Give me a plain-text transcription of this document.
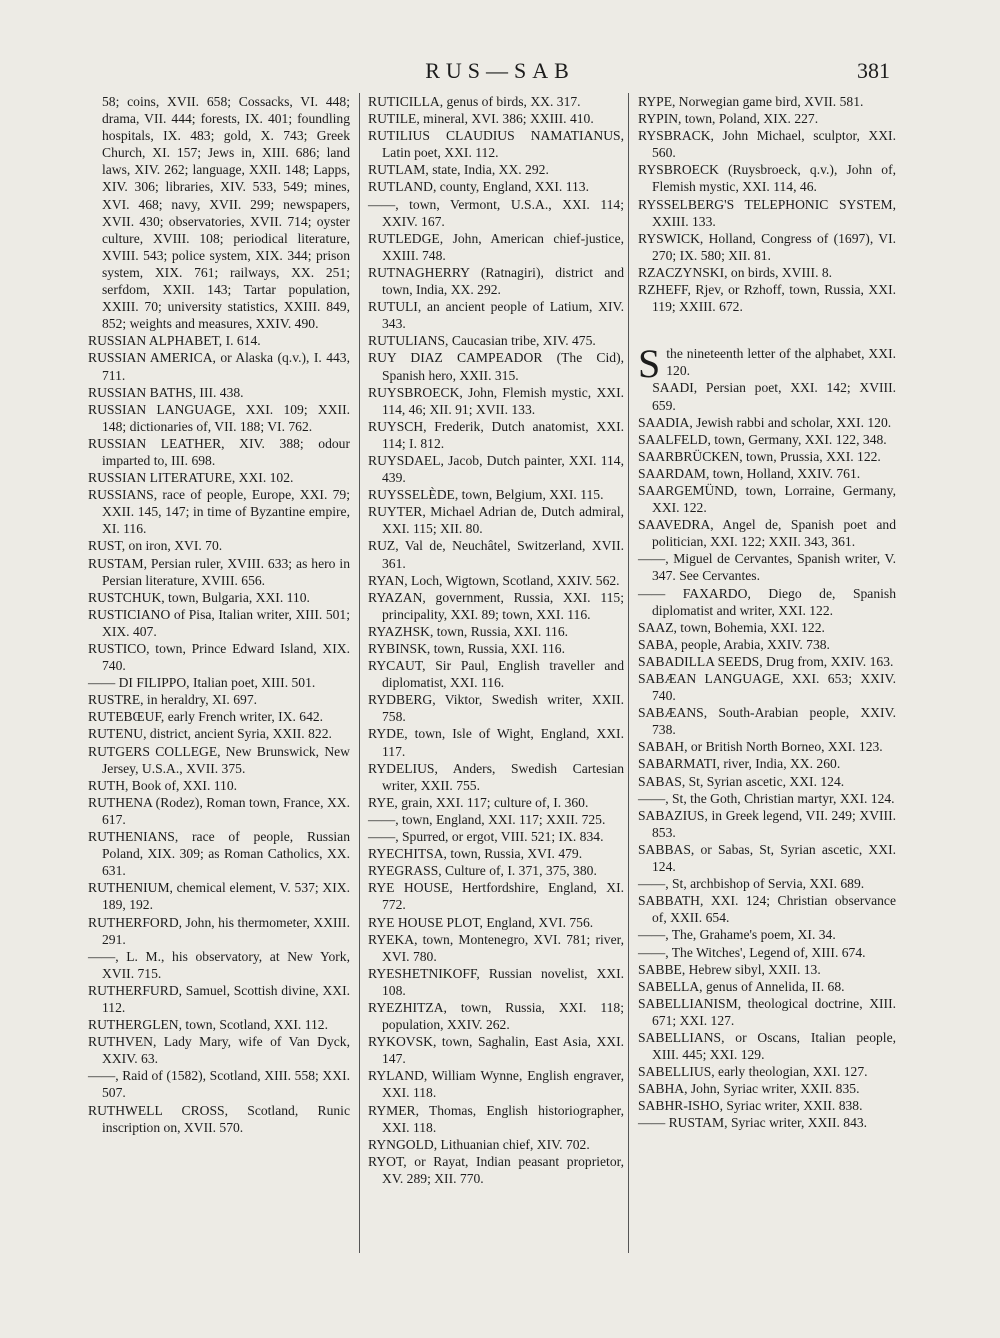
RUS—SAB	381

58; coins, XVII. 658; Cossacks, VI. 448; drama, VII. 444; forests, IX. 401; foundling hospitals, IX. 483; gold, X. 743; Greek Church, XI. 157; Jews in, XIII. 686; land laws, XIV. 262; language, XXII. 148; Lapps, XIV. 306; libraries, XIV. 533, 549; mines, XVI. 468; navy, XVII. 299; newspapers, XVII. 430; observatories, XVII. 714; oyster culture, XVIII. 108; periodical literature, XVIII. 543; police system, XIX. 344; prison system, XIX. 761; railways, XX. 251; serfdom, XXII. 143; Tartar population, XXIII. 70; university statistics, XXIII. 849, 852; weights and measures, XXIV. 490.

RUSSIAN ALPHABET, I. 614.

RUSSIAN AMERICA, or Alaska (q.v.), I. 443, 711.

RUSSIAN BATHS, III. 438.

RUSSIAN LANGUAGE, XXI. 109; XXII. 148; dictionaries of, VII. 188; VI. 762.

RUSSIAN LEATHER, XIV. 388; odour imparted to, III. 698.

RUSSIAN LITERATURE, XXI. 102.

RUSSIANS, race of people, Europe, XXI. 79; XXII. 145, 147; in time of Byzantine empire, XI. 116.

RUST, on iron, XVI. 70.

RUSTAM, Persian ruler, XVIII. 633; as hero in Persian literature, XVIII. 656.

RUSTCHUK, town, Bulgaria, XXI. 110.

RUSTICIANO of Pisa, Italian writer, XIII. 501; XIX. 407.

RUSTICO, town, Prince Edward Island, XIX. 740.

—— DI FILIPPO, Italian poet, XIII. 501.

RUSTRE, in heraldry, XI. 697.

RUTEBŒUF, early French writer, IX. 642.

RUTENU, district, ancient Syria, XXII. 822.

RUTGERS COLLEGE, New Brunswick, New Jersey, U.S.A., XVII. 375.

RUTH, Book of, XXI. 110.

RUTHENA (Rodez), Roman town, France, XX. 617.

RUTHENIANS, race of people, Russian Poland, XIX. 309; as Roman Catholics, XX. 631.

RUTHENIUM, chemical element, V. 537; XIX. 189, 192.

RUTHERFORD, John, his thermometer, XXIII. 291.

——, L. M., his observatory, at New York, XVII. 715.

RUTHERFURD, Samuel, Scottish divine, XXI. 112.

RUTHERGLEN, town, Scotland, XXI. 112.

RUTHVEN, Lady Mary, wife of Van Dyck, XXIV. 63.

——, Raid of (1582), Scotland, XIII. 558; XXI. 507.

RUTHWELL CROSS, Scotland, Runic inscription on, XVII. 570.

RUTICILLA, genus of birds, XX. 317.

RUTILE, mineral, XVI. 386; XXIII. 410.

RUTILIUS CLAUDIUS NAMATIANUS, Latin poet, XXI. 112.

RUTLAM, state, India, XX. 292.

RUTLAND, county, England, XXI. 113.

——, town, Vermont, U.S.A., XXI. 114; XXIV. 167.

RUTLEDGE, John, American chief-justice, XXIII. 748.

RUTNAGHERRY (Ratnagiri), district and town, India, XX. 292.

RUTULI, an ancient people of Latium, XIV. 343.

RUTULIANS, Caucasian tribe, XIV. 475.

RUY DIAZ CAMPEADOR (The Cid), Spanish hero, XXII. 315.

RUYSBROECK, John, Flemish mystic, XXI. 114, 46; XII. 91; XVII. 133.

RUYSCH, Frederik, Dutch anatomist, XXI. 114; I. 812.

RUYSDAEL, Jacob, Dutch painter, XXI. 114, 439.

RUYSSELÈDE, town, Belgium, XXI. 115.

RUYTER, Michael Adrian de, Dutch admiral, XXI. 115; XII. 80.

RUZ, Val de, Neuchâtel, Switzerland, XVII. 361.

RYAN, Loch, Wigtown, Scotland, XXIV. 562.

RYAZAN, government, Russia, XXI. 115; principality, XXI. 89; town, XXI. 116.

RYAZHSK, town, Russia, XXI. 116.

RYBINSK, town, Russia, XXI. 116.

RYCAUT, Sir Paul, English traveller and diplomatist, XXI. 116.

RYDBERG, Viktor, Swedish writer, XXII. 758.

RYDE, town, Isle of Wight, England, XXI. 117.

RYDELIUS, Anders, Swedish Cartesian writer, XXII. 755.

RYE, grain, XXI. 117; culture of, I. 360.

——, town, England, XXI. 117; XXII. 725.

——, Spurred, or ergot, VIII. 521; IX. 834.

RYECHITSA, town, Russia, XVI. 479.

RYEGRASS, Culture of, I. 371, 375, 380.

RYE HOUSE, Hertfordshire, England, XI. 772.

RYE HOUSE PLOT, England, XVI. 756.

RYEKA, town, Montenegro, XVI. 781; river, XVI. 780.

RYESHETNIKOFF, Russian novelist, XXI. 108.

RYEZHITZA, town, Russia, XXI. 118; population, XXIV. 262.

RYKOVSK, town, Saghalin, East Asia, XXI. 147.

RYLAND, William Wynne, English engraver, XXI. 118.

RYMER, Thomas, English historiographer, XXI. 118.

RYNGOLD, Lithuanian chief, XIV. 702.

RYOT, or Rayat, Indian peasant proprietor, XV. 289; XII. 770.

RYPE, Norwegian game bird, XVII. 581.

RYPIN, town, Poland, XIX. 227.

RYSBRACK, John Michael, sculptor, XXI. 560.

RYSBROECK (Ruysbroeck, q.v.), John of, Flemish mystic, XXI. 114, 46.

RYSSELBERG'S TELEPHONIC SYSTEM, XXIII. 133.

RYSWICK, Holland, Congress of (1697), VI. 270; IX. 580; XII. 81.

RZACZYNSKI, on birds, XVIII. 8.

RZHEFF, Rjev, or Rzhoff, town, Russia, XXI. 119; XXIII. 672.

Sthe nineteenth letter of the alphabet, XXI. 120.

SAADI, Persian poet, XXI. 142; XVIII. 659.

SAADIA, Jewish rabbi and scholar, XXI. 120.

SAALFELD, town, Germany, XXI. 122, 348.

SAARBRÜCKEN, town, Prussia, XXI. 122.

SAARDAM, town, Holland, XXIV. 761.

SAARGEMÜND, town, Lorraine, Germany, XXI. 122.

SAAVEDRA, Angel de, Spanish poet and politician, XXI. 122; XXII. 343, 361.

——, Miguel de Cervantes, Spanish writer, V. 347. See Cervantes.

—— FAXARDO, Diego de, Spanish diplomatist and writer, XXI. 122.

SAAZ, town, Bohemia, XXI. 122.

SABA, people, Arabia, XXIV. 738.

SABADILLA SEEDS, Drug from, XXIV. 163.

SABÆAN LANGUAGE, XXI. 653; XXIV. 740.

SABÆANS, South-Arabian people, XXIV. 738.

SABAH, or British North Borneo, XXI. 123.

SABARMATI, river, India, XX. 260.

SABAS, St, Syrian ascetic, XXI. 124.

——, St, the Goth, Christian martyr, XXI. 124.

SABAZIUS, in Greek legend, VII. 249; XVIII. 853.

SABBAS, or Sabas, St, Syrian ascetic, XXI. 124.

——, St, archbishop of Servia, XXI. 689.

SABBATH, XXI. 124; Christian observance of, XXII. 654.

——, The, Grahame's poem, XI. 34.

——, The Witches', Legend of, XIII. 674.

SABBE, Hebrew sibyl, XXII. 13.

SABELLA, genus of Annelida, II. 68.

SABELLIANISM, theological doctrine, XIII. 671; XXI. 127.

SABELLIANS, or Oscans, Italian people, XIII. 445; XXI. 129.

SABELLIUS, early theologian, XXI. 127.

SABHA, John, Syriac writer, XXII. 835.

SABHR-ISHO, Syriac writer, XXII. 838.

—— RUSTAM, Syriac writer, XXII. 843.
